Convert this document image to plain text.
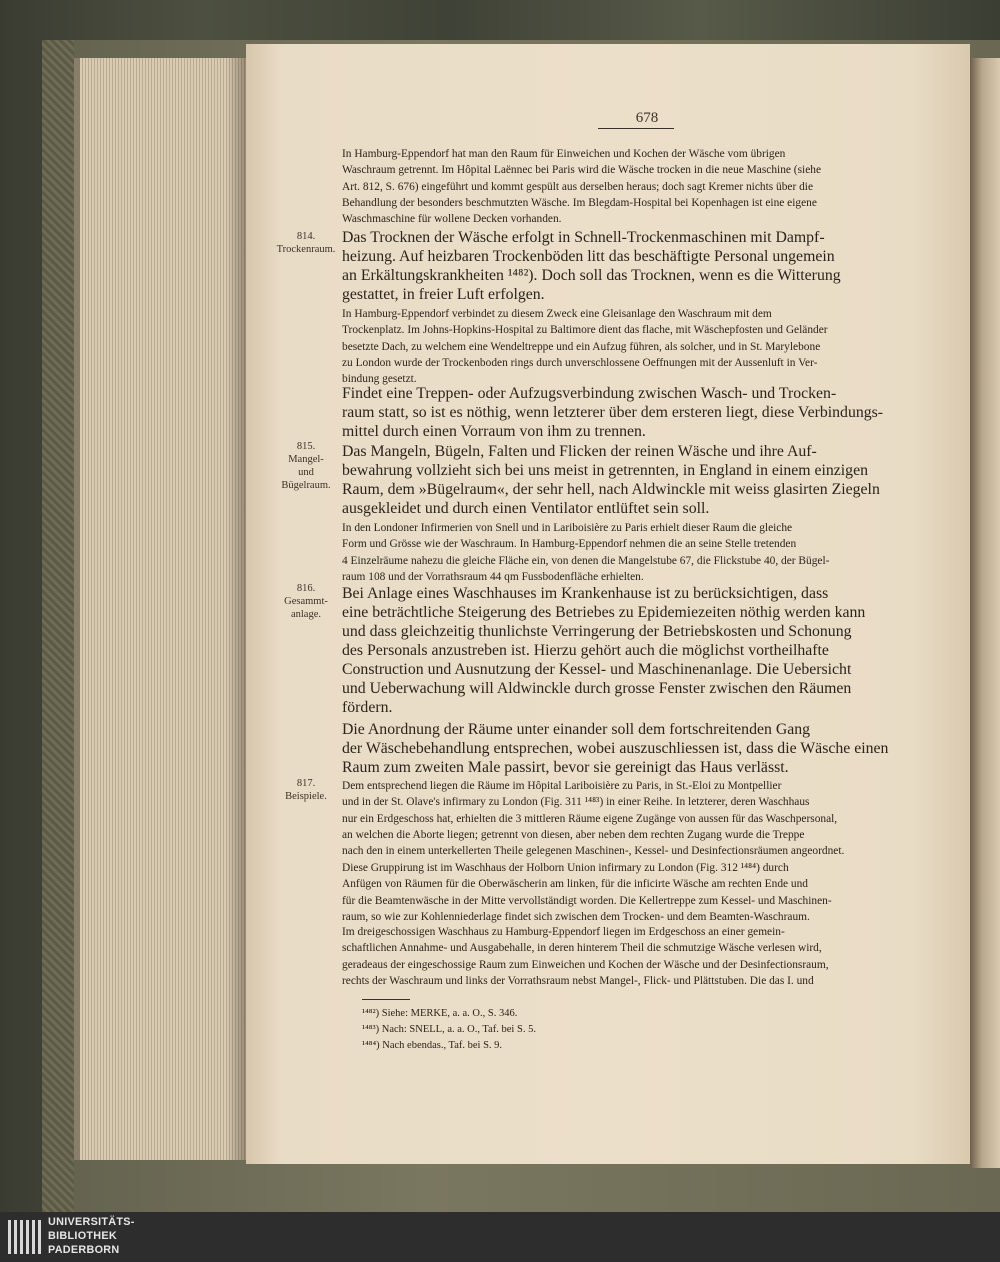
678
In Hamburg-Eppendorf hat man den Raum für Einweichen und Kochen der Wäsche vom übrigen
Waschraum getrennt. Im Hôpital Laënnec bei Paris wird die Wäsche trocken in die neue Maschine (siehe
Art. 812, S. 676) eingeführt und kommt gespült aus derselben heraus; doch sagt Kremer nichts über die
Behandlung der besonders beschmutzten Wäsche. Im Blegdam-Hospital bei Kopenhagen ist eine eigene
Waschmaschine für wollene Decken vorhanden.
Das Trocknen der Wäsche erfolgt in Schnell-Trockenmaschinen mit Dampf-
heizung. Auf heizbaren Trockenböden litt das beschäftigte Personal ungemein
an Erkältungskrankheiten ¹⁴⁸²). Doch soll das Trocknen, wenn es die Witterung
gestattet, in freier Luft erfolgen.
In Hamburg-Eppendorf verbindet zu diesem Zweck eine Gleisanlage den Waschraum mit dem
Trockenplatz. Im Johns-Hopkins-Hospital zu Baltimore dient das flache, mit Wäschepfosten und Geländer
besetzte Dach, zu welchem eine Wendeltreppe und ein Aufzug führen, als solcher, und in St. Marylebone
zu London wurde der Trockenboden rings durch unverschlossene Oeffnungen mit der Aussenluft in Ver-
bindung gesetzt.
Findet eine Treppen- oder Aufzugsverbindung zwischen Wasch- und Trocken-
raum statt, so ist es nöthig, wenn letzterer über dem ersteren liegt, diese Verbindungs-
mittel durch einen Vorraum von ihm zu trennen.
Das Mangeln, Bügeln, Falten und Flicken der reinen Wäsche und ihre Auf-
bewahrung vollzieht sich bei uns meist in getrennten, in England in einem einzigen
Raum, dem »Bügelraum«, der sehr hell, nach Aldwinckle mit weiss glasirten Ziegeln
ausgekleidet und durch einen Ventilator entlüftet sein soll.
In den Londoner Infirmerien von Snell und in Lariboisière zu Paris erhielt dieser Raum die gleiche
Form und Grösse wie der Waschraum. In Hamburg-Eppendorf nehmen die an seine Stelle tretenden
4 Einzelräume nahezu die gleiche Fläche ein, von denen die Mangelstube 67, die Flickstube 40, der Bügel-
raum 108 und der Vorrathsraum 44 qm Fussbodenfläche erhielten.
Bei Anlage eines Waschhauses im Krankenhause ist zu berücksichtigen, dass
eine beträchtliche Steigerung des Betriebes zu Epidemiezeiten nöthig werden kann
und dass gleichzeitig thunlichste Verringerung der Betriebskosten und Schonung
des Personals anzustreben ist. Hierzu gehört auch die möglichst vortheilhafte
Construction und Ausnutzung der Kessel- und Maschinenanlage. Die Uebersicht
und Ueberwachung will Aldwinckle durch grosse Fenster zwischen den Räumen
fördern.
Die Anordnung der Räume unter einander soll dem fortschreitenden Gang
der Wäschebehandlung entsprechen, wobei auszuschliessen ist, dass die Wäsche einen
Raum zum zweiten Male passirt, bevor sie gereinigt das Haus verlässt.
Dem entsprechend liegen die Räume im Hôpital Lariboisière zu Paris, in St.-Eloi zu Montpellier
und in der St. Olave's infirmary zu London (Fig. 311 ¹⁴⁸³) in einer Reihe. In letzterer, deren Waschhaus
nur ein Erdgeschoss hat, erhielten die 3 mittleren Räume eigene Zugänge von aussen für das Waschpersonal,
an welchen die Aborte liegen; getrennt von diesen, aber neben dem rechten Zugang wurde die Treppe
nach den in einem unterkellerten Theile gelegenen Maschinen-, Kessel- und Desinfectionsräumen angeordnet.
Diese Gruppirung ist im Waschhaus der Holborn Union infirmary zu London (Fig. 312 ¹⁴⁸⁴) durch
Anfügen von Räumen für die Oberwäscherin am linken, für die inficirte Wäsche am rechten Ende und
für die Beamtenwäsche in der Mitte vervollständigt worden. Die Kellertreppe zum Kessel- und Maschinen-
raum, so wie zur Kohlenniederlage findet sich zwischen dem Trocken- und dem Beamten-Waschraum.
Im dreigeschossigen Waschhaus zu Hamburg-Eppendorf liegen im Erdgeschoss an einer gemein-
schaftlichen Annahme- und Ausgabehalle, in deren hinterem Theil die schmutzige Wäsche verlesen wird,
geradeaus der eingeschossige Raum zum Einweichen und Kochen der Wäsche und der Desinfectionsraum,
rechts der Waschraum und links der Vorrathsraum nebst Mangel-, Flick- und Plättstuben. Die das I. und
814.
Trockenraum.
815.
Mangel-
und
Bügelraum.
816.
Gesammt-
anlage.
817.
Beispiele.
¹⁴⁸²) Siehe: MERKE, a. a. O., S. 346.
¹⁴⁸³) Nach: SNELL, a. a. O., Taf. bei S. 5.
¹⁴⁸⁴) Nach ebendas., Taf. bei S. 9.
UNIVERSITÄTS-
BIBLIOTHEK
PADERBORN
